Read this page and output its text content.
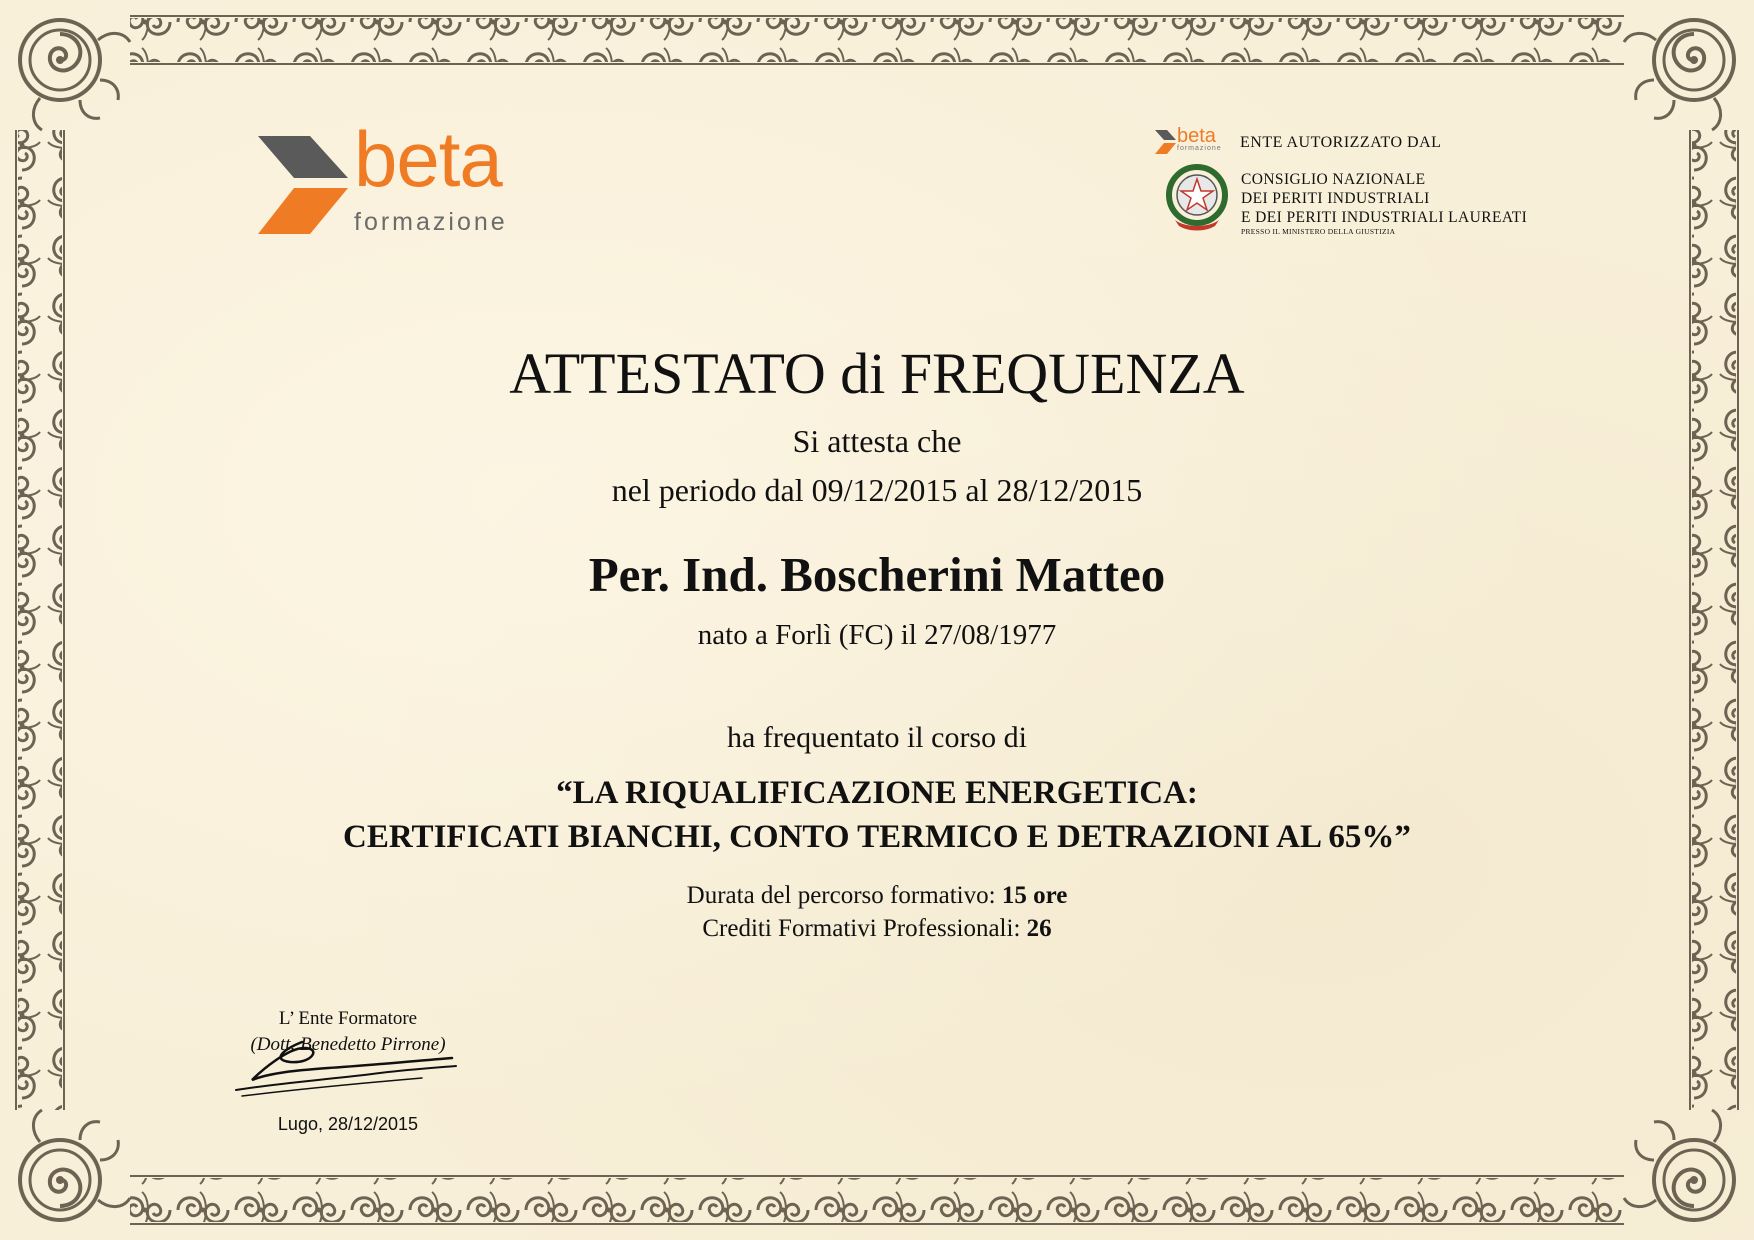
beta
formazione
beta
formazione ENTE AUTORIZZATO DAL
CONSIGLIO NAZIONALE
DEI PERITI INDUSTRIALI
E DEI PERITI INDUSTRIALI LAUREATI
PRESSO IL MINISTERO DELLA GIUSTIZIA
ATTESTATO di FREQUENZA
Si attesta che
nel periodo dal 09/12/2015 al 28/12/2015
Per. Ind. Boscherini Matteo
nato a Forlì (FC) il 27/08/1977
ha frequentato il corso di
“LA RIQUALIFICAZIONE ENERGETICA:
CERTIFICATI BIANCHI, CONTO TERMICO E DETRAZIONI AL 65%”
Durata del percorso formativo: 15 ore
Crediti Formativi Professionali: 26
L’ Ente Formatore
(Dott. Benedetto Pirrone)
Lugo, 28/12/2015
